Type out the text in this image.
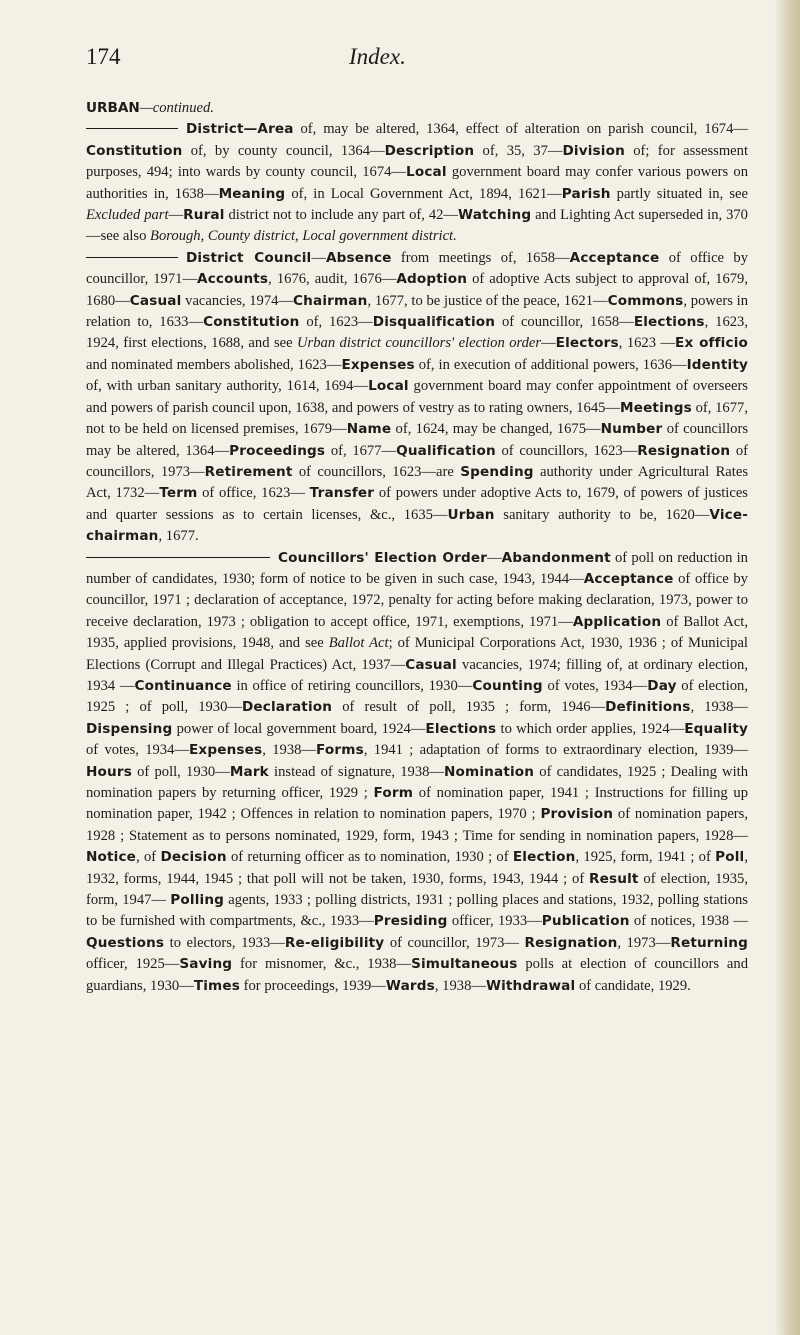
174	Index.

URBAN—continued.

District—Area of, may be altered, 1364, effect of alteration on parish council, 1674—Constitution of, by county council, 1364—Description of, 35, 37—Division of; for assessment purposes, 494; into wards by county council, 1674—Local government board may confer various powers on authorities in, 1638—Meaning of, in Local Government Act, 1894, 1621—Parish partly situated in, see Excluded part—Rural district not to include any part of, 42—Watching and Lighting Act superseded in, 370—see also Borough, County district, Local government district.

District Council—Absence from meetings of, 1658—Acceptance of office by councillor, 1971—Accounts, 1676, audit, 1676—Adoption of adoptive Acts subject to approval of, 1679, 1680—Casual vacancies, 1974—Chairman, 1677, to be justice of the peace, 1621—Commons, powers in relation to, 1633—Constitution of, 1623—Disqualification of councillor, 1658—Elections, 1623, 1924, first elections, 1688, and see Urban district councillors' election order—Electors, 1623 —Ex officio and nominated members abolished, 1623—Expenses of, in execution of additional powers, 1636—Identity of, with urban sanitary authority, 1614, 1694—Local government board may confer appointment of overseers and powers of parish council upon, 1638, and powers of vestry as to rating owners, 1645—Meetings of, 1677, not to be held on licensed premises, 1679—Name of, 1624, may be changed, 1675—Number of councillors may be altered, 1364—Proceedings of, 1677—Qualification of councillors, 1623—Resignation of councillors, 1973—Retirement of councillors, 1623—are Spending authority under Agricultural Rates Act, 1732—Term of office, 1623— Transfer of powers under adoptive Acts to, 1679, of powers of justices and quarter sessions as to certain licenses, &c., 1635—Urban sanitary authority to be, 1620—Vice-chairman, 1677.

Councillors' Election Order—Abandonment of poll on reduction in number of candidates, 1930; form of notice to be given in such case, 1943, 1944—Acceptance of office by councillor, 1971 ; declaration of acceptance, 1972, penalty for acting before making declaration, 1973, power to receive declaration, 1973 ; obligation to accept office, 1971, exemptions, 1971—Application of Ballot Act, 1935, applied provisions, 1948, and see Ballot Act; of Municipal Corporations Act, 1930, 1936 ; of Municipal Elections (Corrupt and Illegal Practices) Act, 1937—Casual vacancies, 1974; filling of, at ordinary election, 1934 —Continuance in office of retiring councillors, 1930—Counting of votes, 1934—Day of election, 1925 ; of poll, 1930—Declaration of result of poll, 1935 ; form, 1946—Definitions, 1938—Dispensing power of local government board, 1924—Elections to which order applies, 1924—Equality of votes, 1934—Expenses, 1938—Forms, 1941 ; adaptation of forms to extraordinary election, 1939—Hours of poll, 1930—Mark instead of signature, 1938—Nomination of candidates, 1925 ; Dealing with nomination papers by returning officer, 1929 ; Form of nomination paper, 1941 ; Instructions for filling up nomination paper, 1942 ; Offences in relation to nomination papers, 1970 ; Provision of nomination papers, 1928 ; Statement as to persons nominated, 1929, form, 1943 ; Time for sending in nomination papers, 1928—Notice, of Decision of returning officer as to nomination, 1930 ; of Election, 1925, form, 1941 ; of Poll, 1932, forms, 1944, 1945 ; that poll will not be taken, 1930, forms, 1943, 1944 ; of Result of election, 1935, form, 1947— Polling agents, 1933 ; polling districts, 1931 ; polling places and stations, 1932, polling stations to be furnished with compartments, &c., 1933—Presiding officer, 1933—Publication of notices, 1938 — Questions to electors, 1933—Re-eligibility of councillor, 1973— Resignation, 1973—Returning officer, 1925—Saving for misnomer, &c., 1938—Simultaneous polls at election of councillors and guardians, 1930—Times for proceedings, 1939—Wards, 1938—Withdrawal of candidate, 1929.
